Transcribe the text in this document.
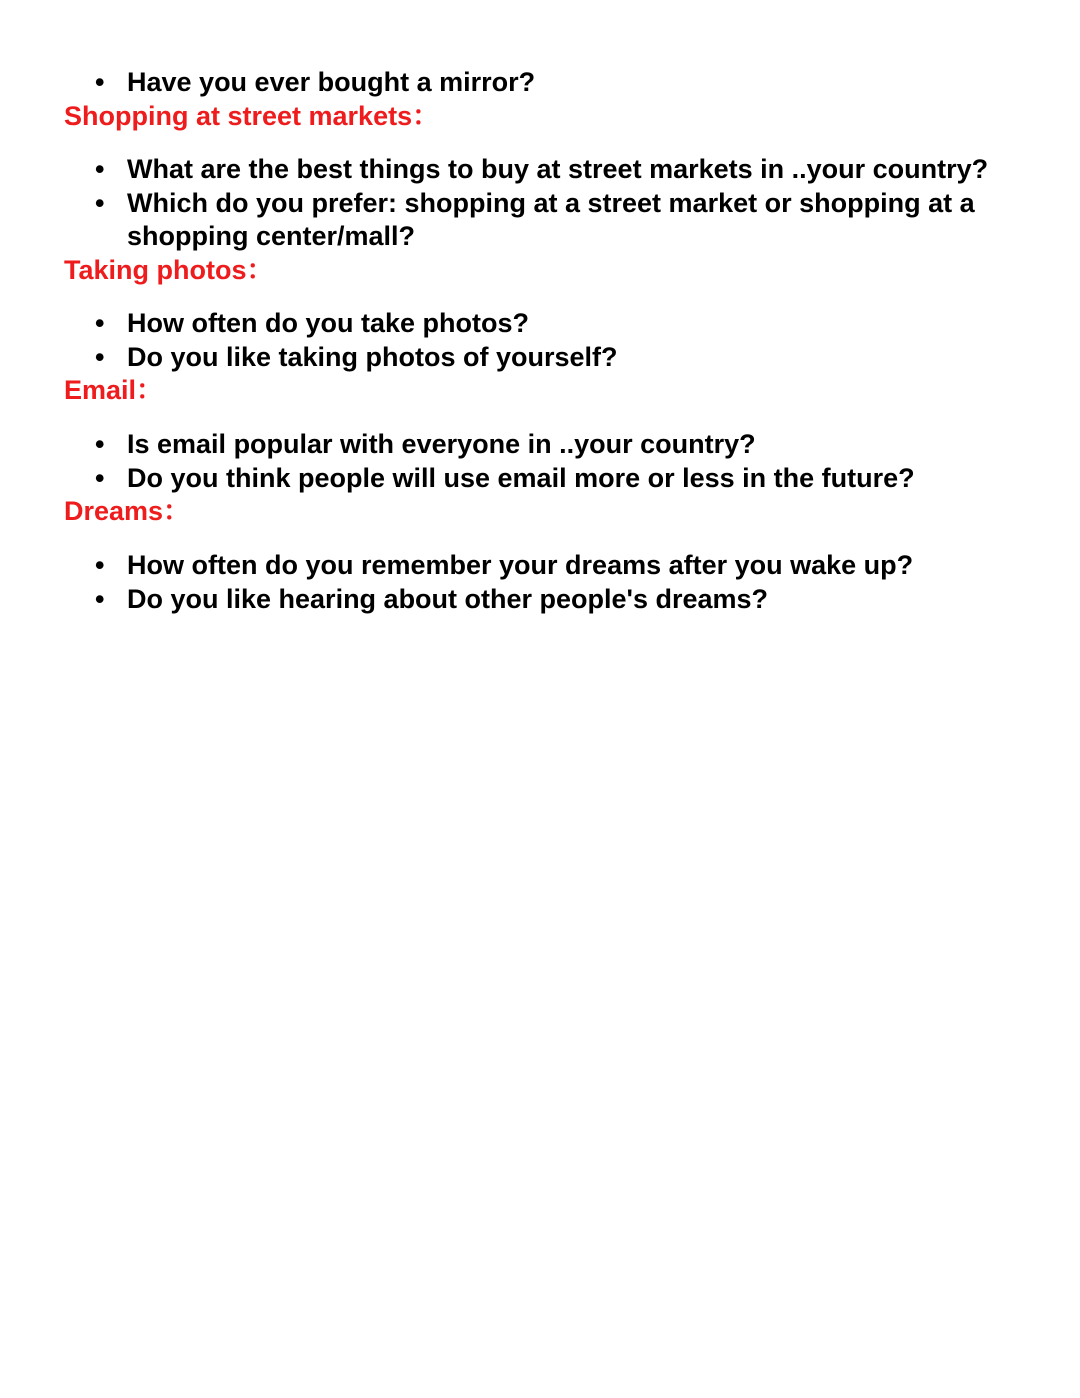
• Have you ever bought a mirror?
Shopping at street markets：
• What are the best things to buy at street markets in ..your country?
• Which do you prefer: shopping at a street market or shopping at a
shopping center/mall?
Taking photos：
• How often do you take photos?
• Do you like taking photos of yourself?
Email：
• Is email popular with everyone in ..your country?
• Do you think people will use email more or less in the future?
Dreams：
• How often do you remember your dreams after you wake up?
• Do you like hearing about other people's dreams?
